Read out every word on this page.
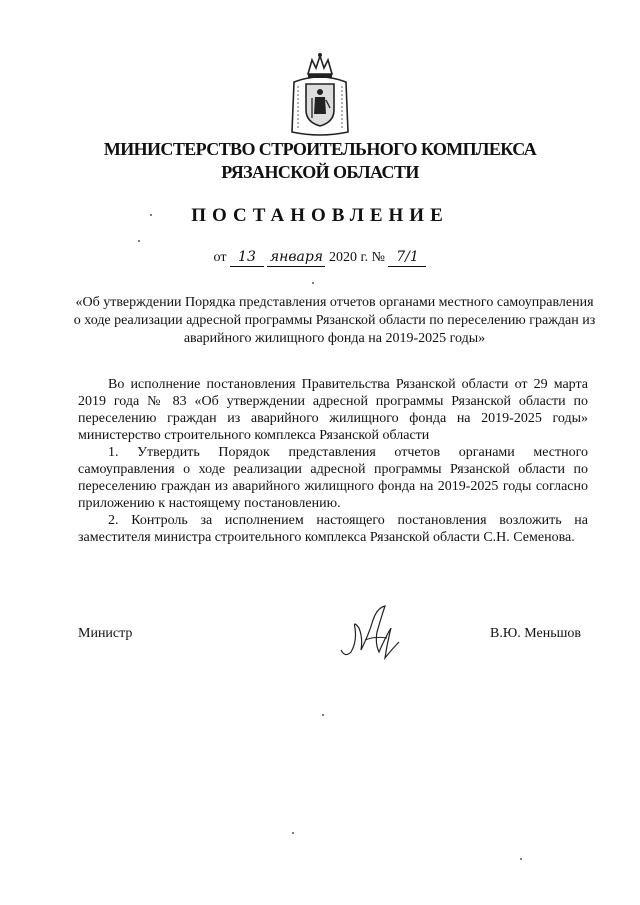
МИНИСТЕРСТВО СТРОИТЕЛЬНОГО КОМПЛЕКСА
РЯЗАНСКОЙ ОБЛАСТИ
ПОСТАНОВЛЕНИЕ
от 13 января 2020 г. № 7/1
«Об утверждении Порядка представления отчетов органами местного самоуправления о ходе реализации адресной программы Рязанской области по переселению граждан из аварийного жилищного фонда на 2019-2025 годы»

Во исполнение постановления Правительства Рязанской области от 29 марта 2019 года № 83 «Об утверждении адресной программы Рязанской области по переселению граждан из аварийного жилищного фонда на 2019-2025 годы» министерство строительного комплекса Рязанской области

1. Утвердить Порядок представления отчетов органами местного самоуправления о ходе реализации адресной программы Рязанской области по переселению граждан из аварийного жилищного фонда на 2019-2025 годы согласно приложению к настоящему постановлению.

2. Контроль за исполнением настоящего постановления возложить на заместителя министра строительного комплекса Рязанской области С.Н. Семенова.

Министр	В.Ю. Меньшов
